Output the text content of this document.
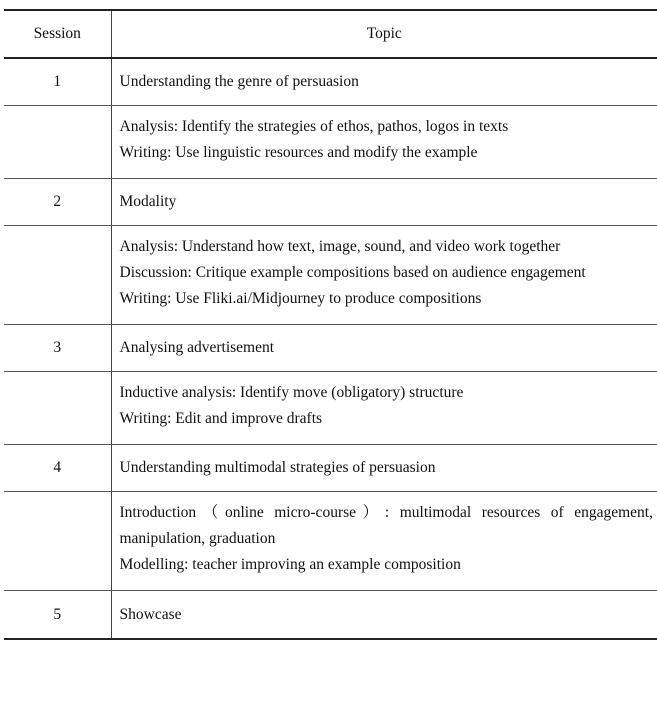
Session	Topic
1	Understanding the genre of persuasion

	Analysis: Identify the strategies of ethos, pathos, logos in texts
Writing: Use linguistic resources and modify the example

2	Modality

	Analysis: Understand how text, image, sound, and video work together
Discussion: Critique example compositions based on audience engagement
Writing: Use Fliki.ai/Midjourney to produce compositions

3	Analysing advertisement

	Inductive analysis: Identify move (obligatory) structure
Writing: Edit and improve drafts

4	Understanding multimodal strategies of persuasion

	Introduction（online micro-course）: multimodal resources of engagement, manipulation, graduation
Modelling: teacher improving an example composition

5	Showcase
